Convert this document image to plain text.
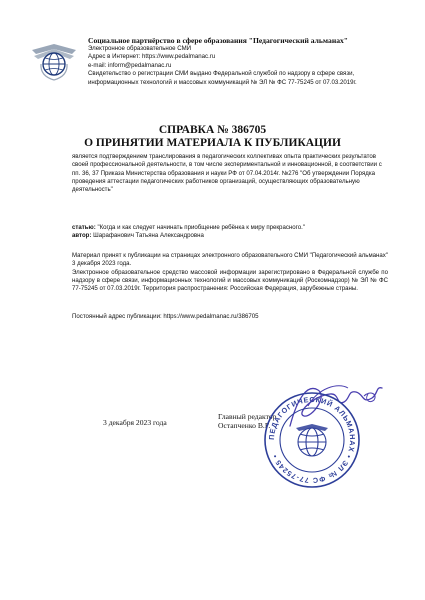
Социальное партнёрство в сфере образования "Педагогический альманах"
Электронное образовательное СМИ
Адрес в Интернет: https://www.pedalmanac.ru
e-mail: inform@pedalmanac.ru
Свидетельство о регистрации СМИ выдано Федеральной службой по надзору в сфере связи,
информационных технологий и массовых коммуникаций № ЭЛ № ФС 77-75245 от 07.03.2019г.
СПРАВКА № 386705
О ПРИНЯТИИ МАТЕРИАЛА К ПУБЛИКАЦИИ
является подтверждением транслирования в педагогических коллективах опыта практических результатов своей профессиональной деятельности, в том числе экспериментальной и инновационной, в соответствии с пп. 36, 37 Приказа Министерства образования и науки РФ от 07.04.2014г. №276 "Об утверждении Порядка проведения аттестации педагогических работников организаций, осуществляющих образовательную деятельность"
статью: "Когда и как следует начинать приобщение ребёнка к миру прекрасного."
автор: Шарафанович Татьяна Александровна

Материал принят к публикации на страницах электронного образовательного СМИ "Педагогический альманах" 3 декабря 2023 года.

Электронное образовательное средство массовой информации зарегистрировано в Федеральной службе по надзору в сфере связи, информационных технологий и массовых коммуникаций (Роскомнадзор) № ЭЛ № ФС 77-75245 от 07.03.2019г. Территория распространения: Российская Федерация, зарубежные страны.

Постоянный адрес публикации: https://www.pedalmanac.ru/386705
3 декабря 2023 года
Главный редактор
Остапченко В.Г.
ПЕДАГОГИЧЕСКИЙ АЛЬМАНАХ • ЭЛ № ФС 77-75245 •
